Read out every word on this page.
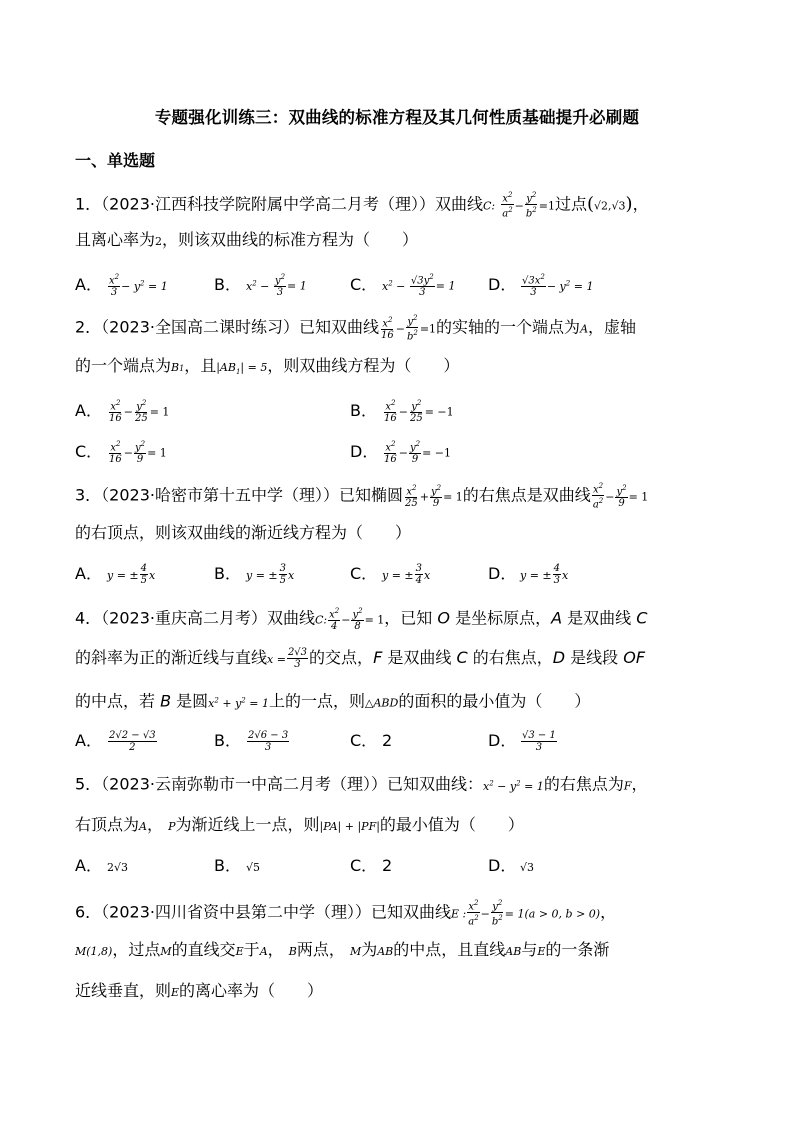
专题强化训练三：双曲线的标准方程及其几何性质基础提升必刷题
一、单选题
1．（2023·江西科技学院附属中学高二月考（理））双曲线C: $\frac{x^2}{a^2} - \frac{y^2}{b^2} =1$过点(√2,√3)，
且离心率为2，则该双曲线的标准方程为（　　）
A． $\frac{x^2}{3} - y^2 = 1$	B． $x^2 - \frac{y^2}{3} = 1$	C． $x^2 - \frac{√3y^2}{3} = 1$ D． $\frac{√3x^2}{3} - y^2 = 1$
2．（2023·全国高二课时练习）已知双曲线 $\frac{x^2}{16} - \frac{y^2}{b^2} =1$的实轴的一个端点为A，虚轴
的一个端点为B1，且$|AB_1| = 5$，则双曲线方程为（　　）
A． $\frac{x^2}{16} - \frac{y^2}{25} = 1$	B． $\frac{x^2}{16} - \frac{y^2}{25} = -1$
C． $\frac{x^2}{16} - \frac{y^2}{9} = 1$	D． $\frac{x^2}{16} - \frac{y^2}{9} = -1$
3．（2023·哈密市第十五中学（理））已知椭圆 $\frac{x^2}{25} + \frac{y^2}{9} = 1$的右焦点是双曲线 $\frac{x^2}{a^2} - \frac{y^2}{9} = 1$
的右顶点，则该双曲线的渐近线方程为（　　）
A． y = ± $\frac{4}{5}$ x	B． y = ± $\frac{3}{5}$ x	C． y = ± $\frac{3}{4}$ x	D． y = ± $\frac{4}{3}$ x
4．（2023·重庆高二月考）双曲线C: $\frac{x^2}{4} - \frac{y^2}{8} = 1$，已知 O 是坐标原点，A 是双曲线 C
的斜率为正的渐近线与直线$x = \frac{2√3}{3}$ 的交点，F 是双曲线 C 的右焦点，D 是线段 OF
的中点，若 B 是圆$x^2 + y^2 = 1$上的一点，则△ABD的面积的最小值为（　　）
A． $\frac{2√2 - √3}{2}$	B． $\frac{2√6 - 3}{3}$	C． 2	D． $\frac{√3 - 1}{3}$
5．（2023·云南弥勒市一中高二月考（理））已知双曲线：$x^2 - y^2 = 1$的右焦点为F，
右顶点为A， P为渐近线上一点，则|PA| + |PF|的最小值为（　　）
A． 2√3	B． √5	C． 2	D． √3
6．（2023·四川省资中县第二中学（理））已知双曲线E : $\frac{x^2}{a^2} - \frac{y^2}{b^2} = 1(a > 0$, b > 0)，
M(1,8)，过点M的直线交E于A， B两点， M为AB的中点，且直线AB与E的一条渐
近线垂直，则E的离心率为（　　）
